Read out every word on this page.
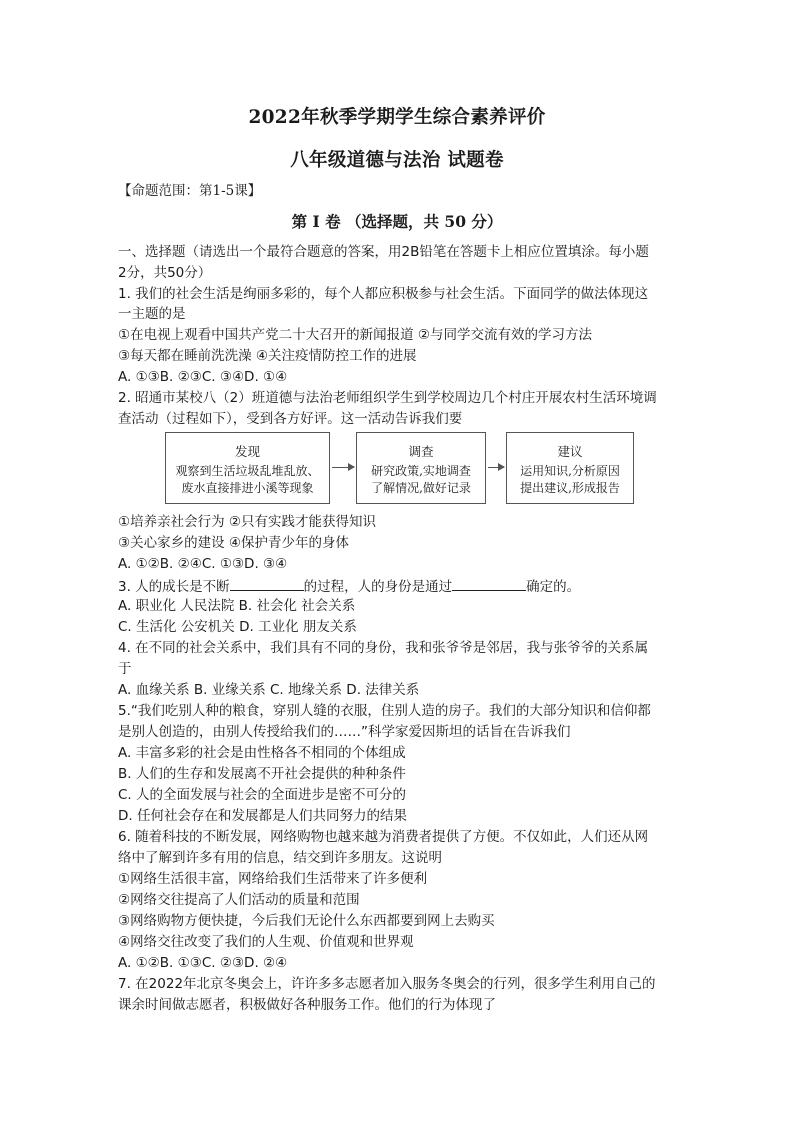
2022年秋季学期学生综合素养评价
八年级道德与法治 试题卷
【命题范围：第1-5课】
第 I 卷 （选择题，共 50 分）
一、选择题（请选出一个最符合题意的答案，用2B铅笔在答题卡上相应位置填涂。每小题
2分，共50分）
1. 我们的社会生活是绚丽多彩的，每个人都应积极参与社会生活。下面同学的做法体现这
一主题的是
①在电视上观看中国共产党二十大召开的新闻报道 ②与同学交流有效的学习方法
③每天都在睡前洗洗澡 ④关注疫情防控工作的进展
A. ①③B. ②③C. ③④D. ①④
2. 昭通市某校八（2）班道德与法治老师组织学生到学校周边几个村庄开展农村生活环境调
查活动（过程如下），受到各方好评。这一活动告诉我们要
发现
观察到生活垃圾乱堆乱放、
废水直接排进小溪等现象
调查
研究政策,实地调查
了解情况,做好记录
建议
运用知识,分析原因
提出建议,形成报告
①培养亲社会行为 ②只有实践才能获得知识
③关心家乡的建设 ④保护青少年的身体
A. ①②B. ②④C. ①③D. ③④
3. 人的成长是不断	的过程，人的身份是通过	确定的。
A. 职业化 人民法院 B. 社会化 社会关系
C. 生活化 公安机关 D. 工业化 朋友关系
4. 在不同的社会关系中，我们具有不同的身份，我和张爷爷是邻居，我与张爷爷的关系属
于
A. 血缘关系 B. 业缘关系 C. 地缘关系 D. 法律关系
5.“我们吃别人种的粮食，穿别人缝的衣服，住别人造的房子。我们的大部分知识和信仰都
是别人创造的，由别人传授给我们的……”科学家爱因斯坦的话旨在告诉我们
A. 丰富多彩的社会是由性格各不相同的个体组成
B. 人们的生存和发展离不开社会提供的种种条件
C. 人的全面发展与社会的全面进步是密不可分的
D. 任何社会存在和发展都是人们共同努力的结果
6. 随着科技的不断发展，网络购物也越来越为消费者提供了方便。不仅如此，人们还从网
络中了解到许多有用的信息，结交到许多朋友。这说明
①网络生活很丰富，网络给我们生活带来了许多便利
②网络交往提高了人们活动的质量和范围
③网络购物方便快捷，今后我们无论什么东西都要到网上去购买
④网络交往改变了我们的人生观、价值观和世界观
A. ①②B. ①③C. ②③D. ②④
7. 在2022年北京冬奥会上，许许多多志愿者加入服务冬奥会的行列，很多学生利用自己的
课余时间做志愿者，积极做好各种服务工作。他们的行为体现了
